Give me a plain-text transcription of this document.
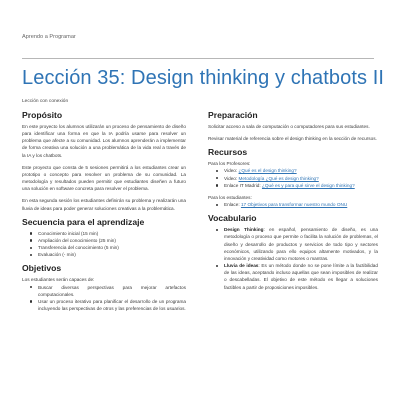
Aprendo a Programar
Lección 35: Design thinking y chatbots II
Lección con conexión
Propósito

En este proyecto los alumnos utilizarán un proceso de pensamiento de diseño para identificar una forma en que la IA podría usarse para resolver un problema que afecte a su comunidad. Los alumnos aprenderán a implementar de forma creativa una solución a una problemática de la vida real a través de la IA y los chatbots.

Este proyecto que consta de 5 sesiones permitirá a los estudiantes crear un prototipo o concepto para resolver un problema de su comunidad. La metodología y resultados pueden permitir que estudiantes diseñen a futuro una solución en software concreta para resolver el problema.

En esta segunda sesión los estudiantes definirán su problema y realizarán una lluvia de ideas para poder generar soluciones creativas a la problemática.

Secuencia para el aprendizaje
Conocimiento inicial (15 min)
Ampliación del conocimiento (25 min)
Transferencia del conocimiento (5 min)
Evaluación (- min)
Objetivos
Los estudiantes serán capaces de:
Buscar diversas perspectivas para mejorar artefactos computacionales.
Usar un proceso iterativo para planificar el desarrollo de un programa incluyendo las perspectivas de otros y las preferencias de los usuarios.
Preparación

Solicitar acceso a sala de computación o computadores para sus estudiantes.

Revisar material de referencia sobre el design thinking en la sección de recursos.

Recursos
Para los Profesores:
Video: ¿Qué es el design thinking?
Video: Metodología ¿Qué es design thinking?
Enlace IT Madrid: ¿Qué es y para qué sirve el design thinking?
Para los estudiantes:
Enlace: 17 Objetivos para transformar nuestro mundo ONU
Vocabulario
Design Thinking: en español, pensamiento de diseño, es una metodología o proceso que permite o facilita la solución de problemas, el diseño y desarrollo de productos y servicios de todo tipo y sectores económicos, utilizando para ello equipos altamente motivados, y la innovación y creatividad como motores o mantras.
Lluvia de ideas: Es un método donde no se pone límite a la factibilidad de las ideas, aceptando incluso aquellas que sean imposibles de realizar o descabelladas. El objetivo de este método es llegar a soluciones factibles a partir de proposiciones imposibles.
